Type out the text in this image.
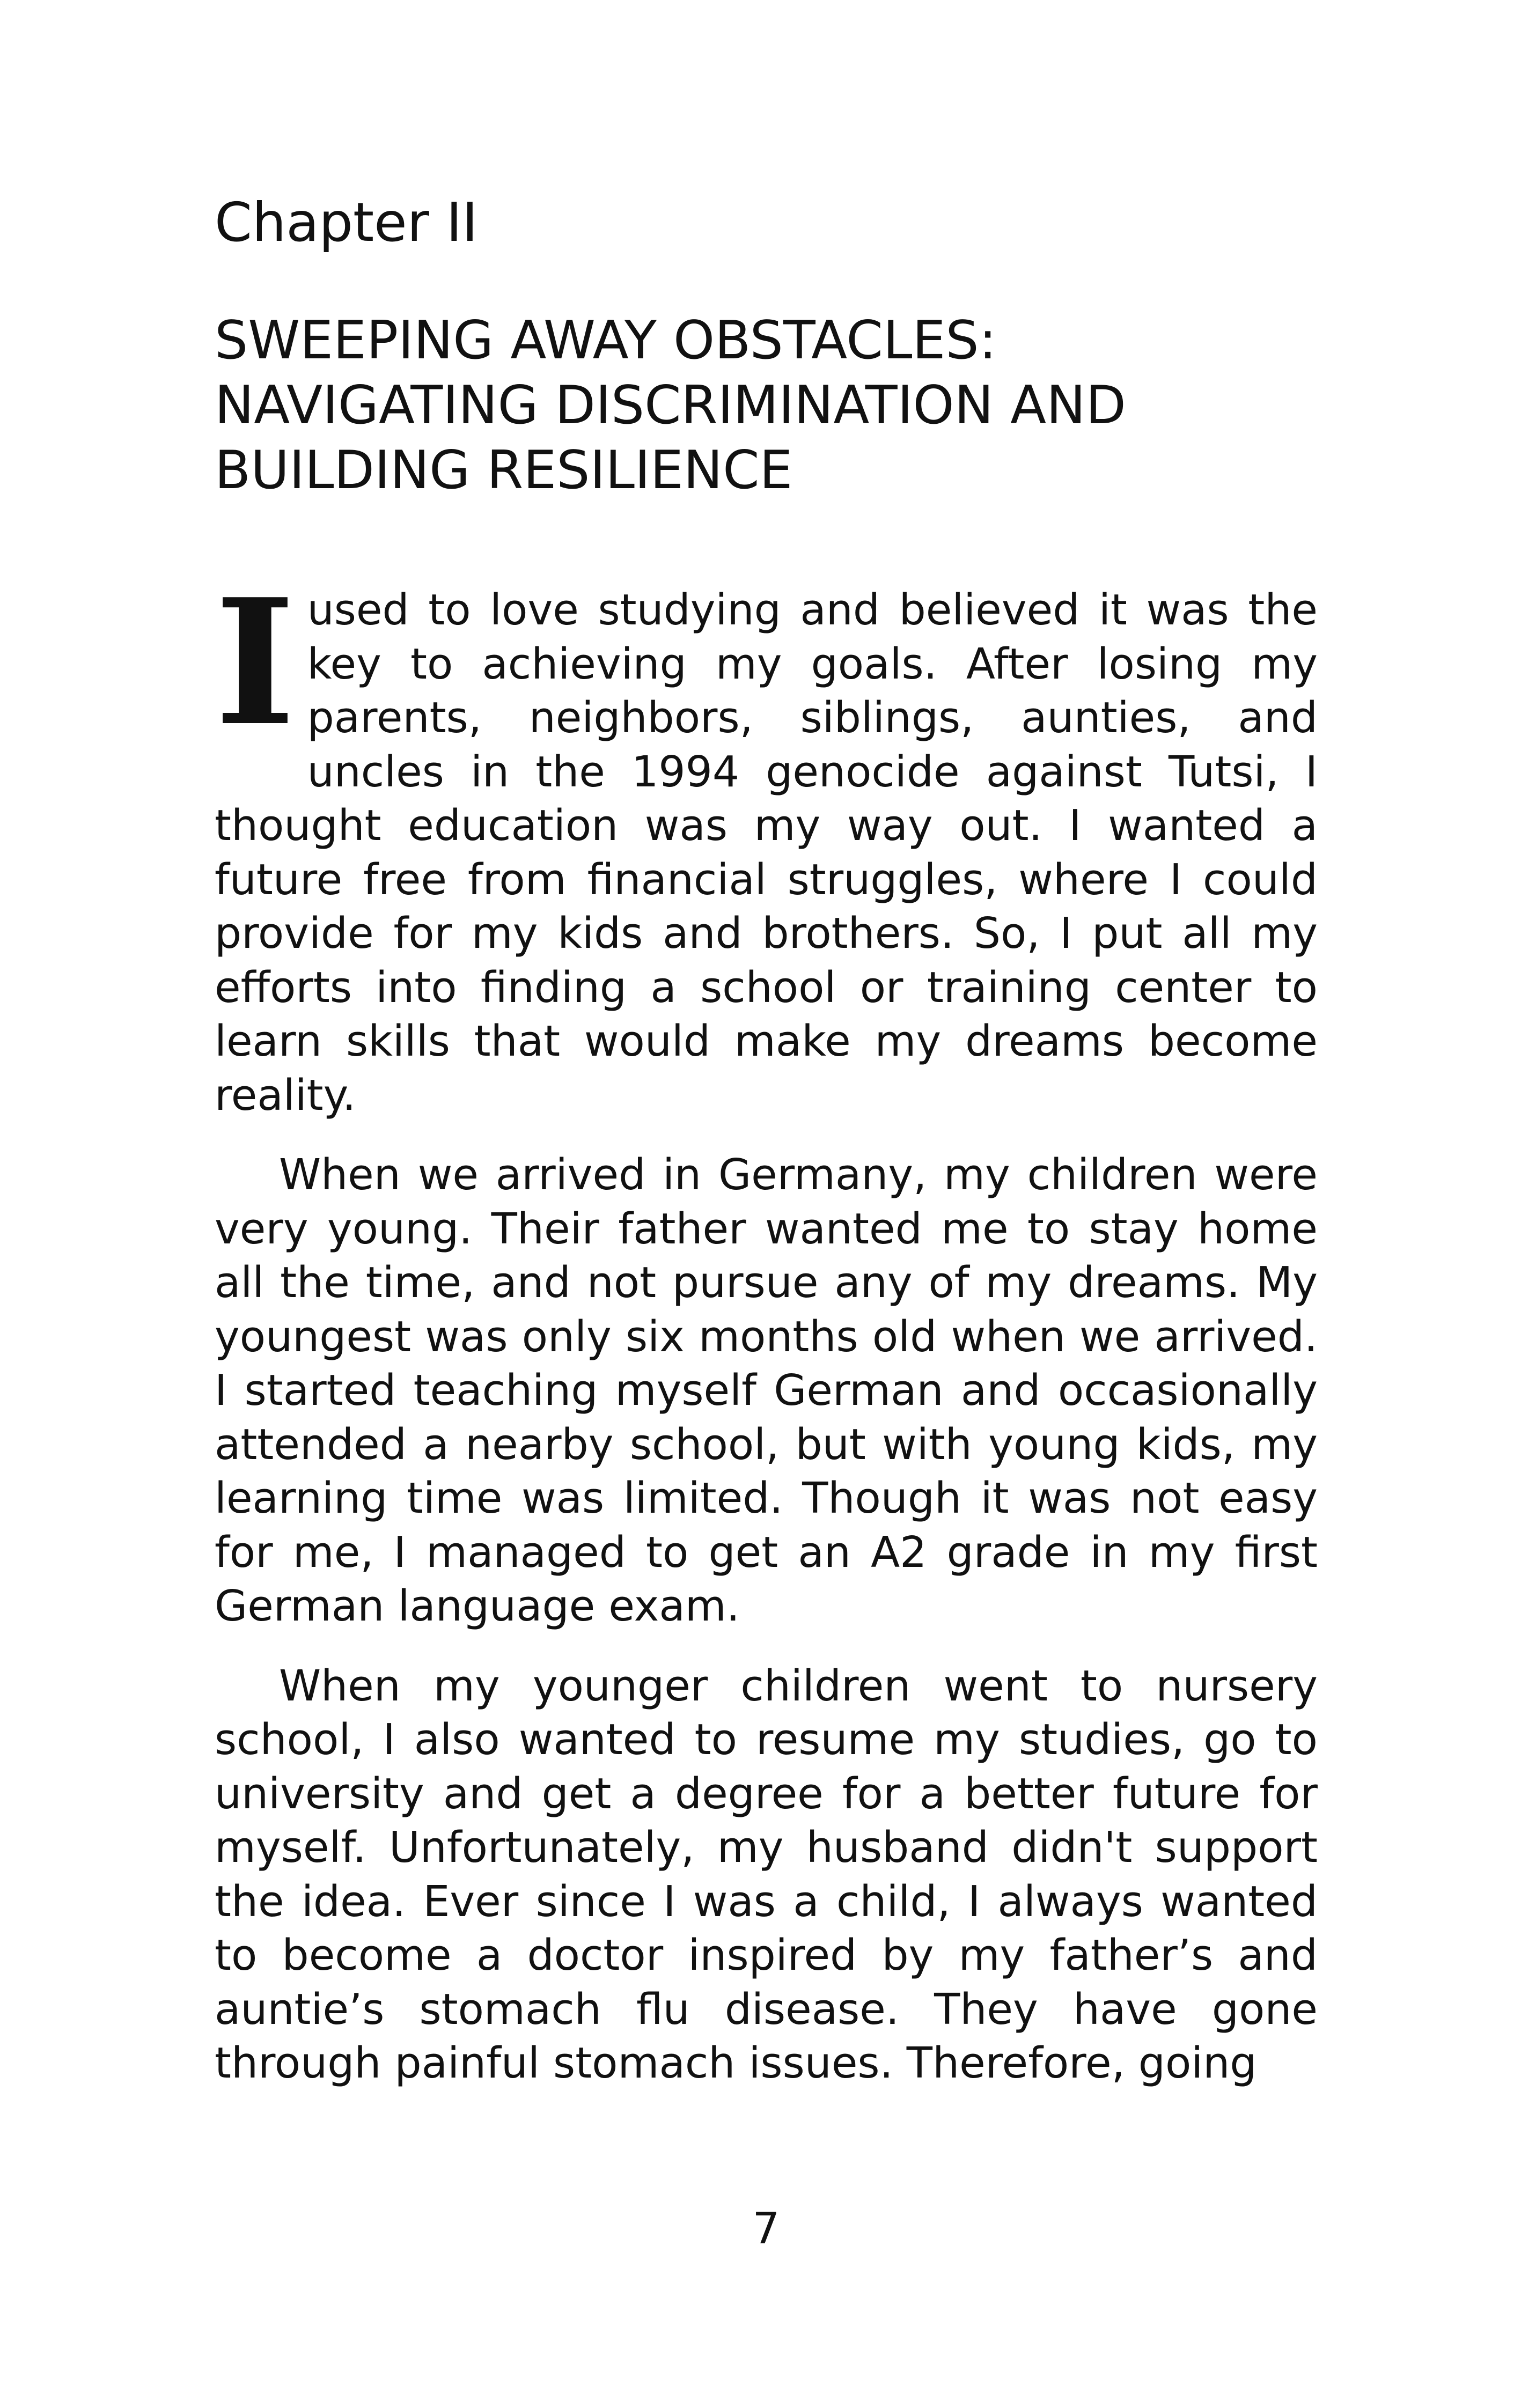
Chapter II
SWEEPING AWAY OBSTACLES:
NAVIGATING DISCRIMINATION AND
BUILDING RESILIENCE

Iused to love studying and believed it was the key to achieving my goals. After losing my parents, neighbors, siblings, aunties, and uncles in the 1994 genocide against Tutsi, I thought education was my way out. I wanted a future free from financial struggles, where I could provide for my kids and brothers. So, I put all my efforts into finding a school or training center to learn skills that would make my dreams become reality.

When we arrived in Germany, my children were very young. Their father wanted me to stay home all the time, and not pursue any of my dreams. My youngest was only six months old when we arrived. I started teaching myself German and occasionally attended a nearby school, but with young kids, my learning time was limited. Though it was not easy for me, I managed to get an A2 grade in my first German language exam.

When my younger children went to nursery school, I also wanted to resume my studies, go to university and get a degree for a better future for myself. Unfortunately, my husband didn't support the idea. Ever since I was a child, I always wanted to become a doctor inspired by my father’s and auntie’s stomach flu disease. They have gone through painful stomach issues. Therefore, going

7
